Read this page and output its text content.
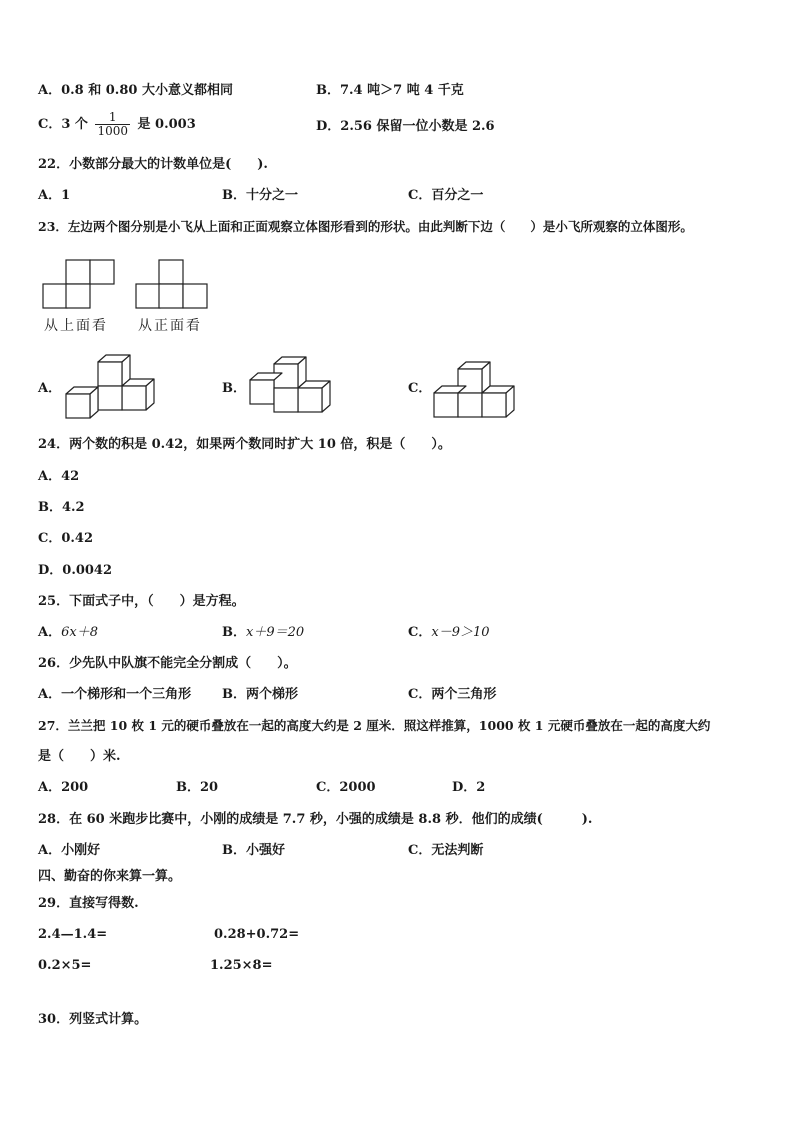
A．0.8 和 0.80 大小意义都相同	B．7.4 吨＞7 吨 4 千克
C．3 个 $\frac{1}{1000}$ 是 0.003	D．2.56 保留一位小数是 2.6
22．小数部分最大的计数单位是(　　).
A．1	B．十分之一	C．百分之一
23．左边两个图分别是小飞从上面和正面观察立体图形看到的形状。由此判断下边（　　）是小飞所观察的立体图形。
从上面看 从正面看
A．	B．	C．
24．两个数的积是 0.42，如果两个数同时扩大 10 倍，积是（　　）。
A．42
B．4.2
C．0.42
D．0.0042
25．下面式子中，（　　）是方程。
A．6x＋8	B．x＋9＝20	C．x－9＞10
26．少先队中队旗不能完全分割成（　　）。
A．一个梯形和一个三角形 B．两个梯形	C．两个三角形
27．兰兰把 10 枚 1 元的硬币叠放在一起的高度大约是 2 厘米．照这样推算，1000 枚 1 元硬币叠放在一起的高度大约
是（　　）米.
A．200	B．20	C．2000	D．2
28．在 60 米跑步比赛中，小刚的成绩是 7.7 秒，小强的成绩是 8.8 秒．他们的成绩(　　　).
A．小刚好	B．小强好	C．无法判断
四、勤奋的你来算一算。
29．直接写得数.
2.4—1.4=	0.28+0.72=
0.2×5=	1.25×8=
30．列竖式计算。
